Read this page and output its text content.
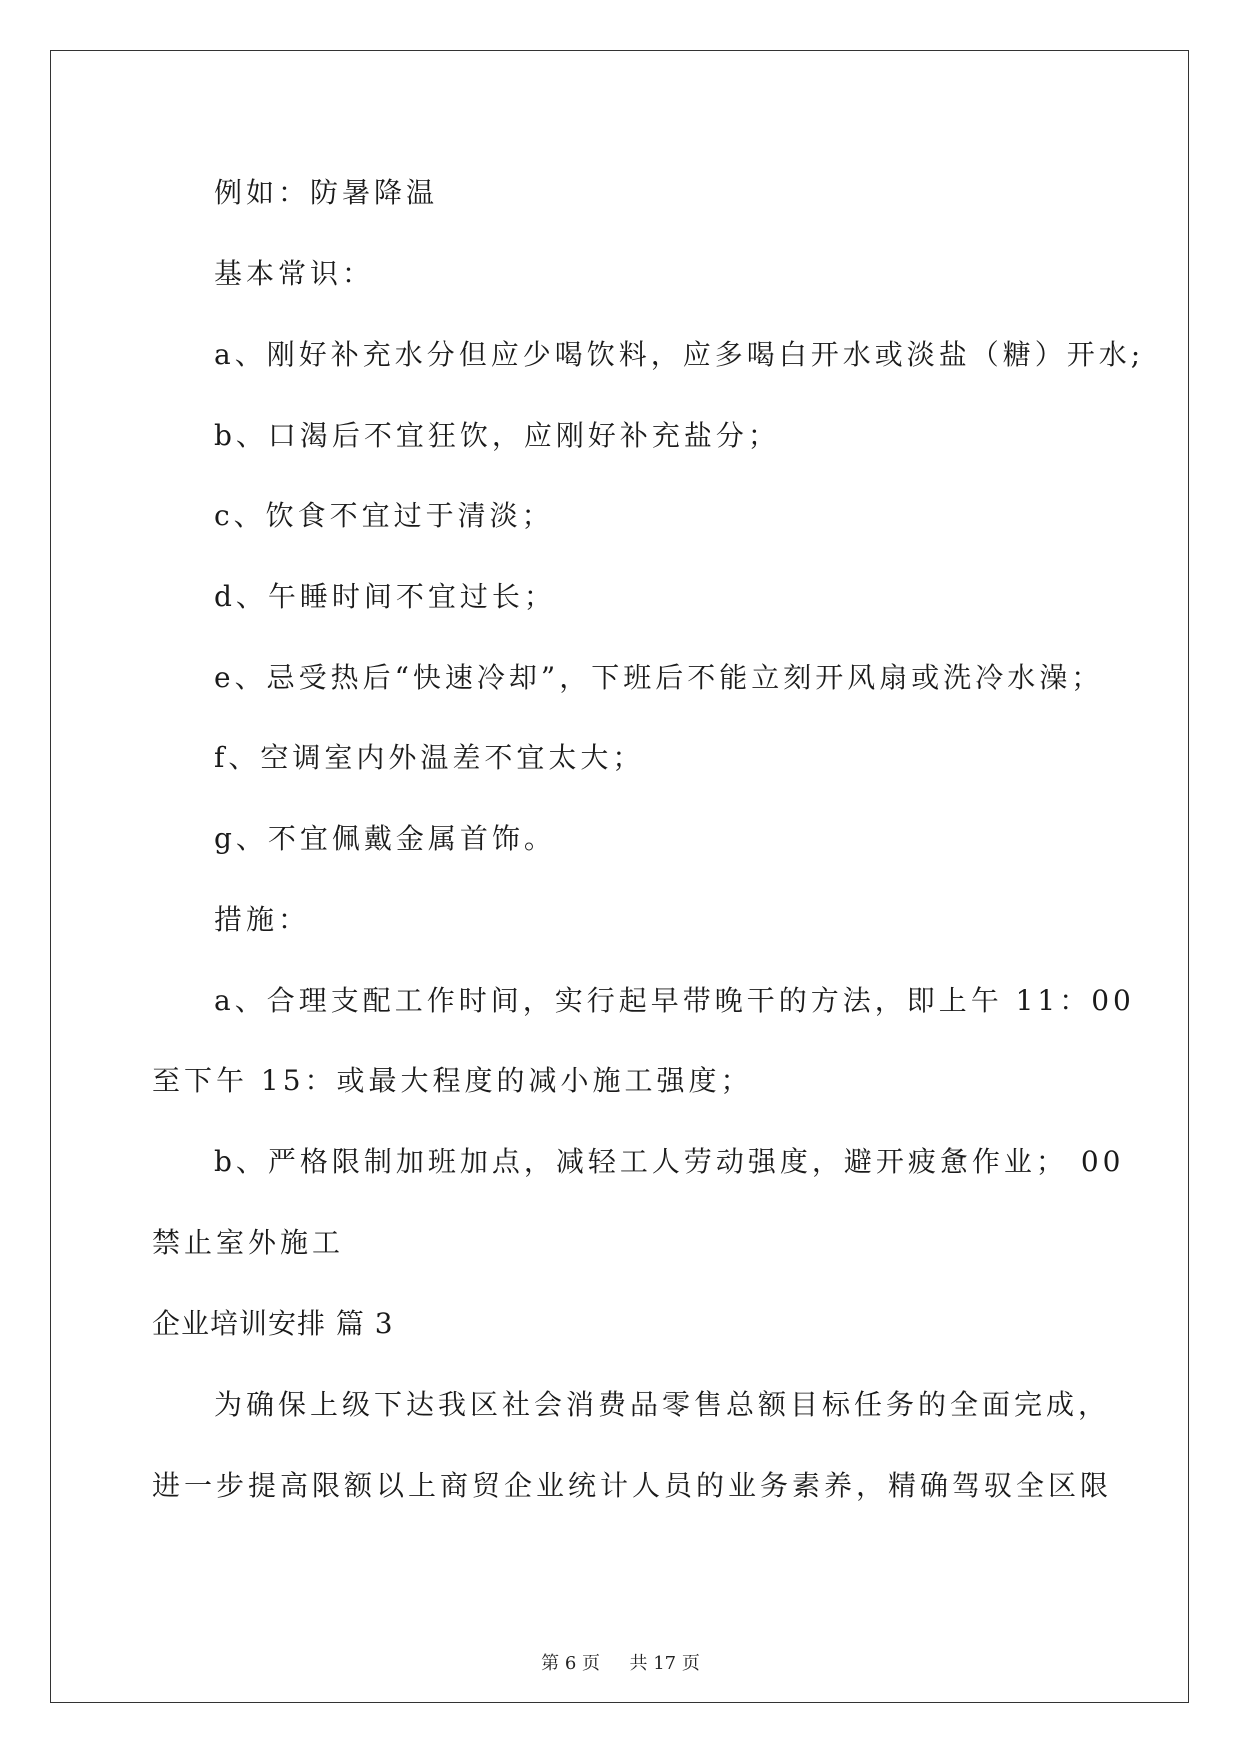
例如：防暑降温
基本常识：
a、刚好补充水分但应少喝饮料，应多喝白开水或淡盐（糖）开水;
b、口渴后不宜狂饮，应刚好补充盐分；
c、饮食不宜过于清淡；
d、午睡时间不宜过长；
e、忌受热后“快速冷却”，下班后不能立刻开风扇或洗冷水澡；
f、空调室内外温差不宜太大；
g、不宜佩戴金属首饰。
措施：
a、合理支配工作时间，实行起早带晚干的方法，即上午 11：00
至下午 15：或最大程度的减小施工强度；
b、严格限制加班加点，减轻工人劳动强度，避开疲惫作业； 00
禁止室外施工
企业培训安排 篇 3
为确保上级下达我区社会消费品零售总额目标任务的全面完成，
进一步提高限额以上商贸企业统计人员的业务素养，精确驾驭全区限
第 6 页 共 17 页
